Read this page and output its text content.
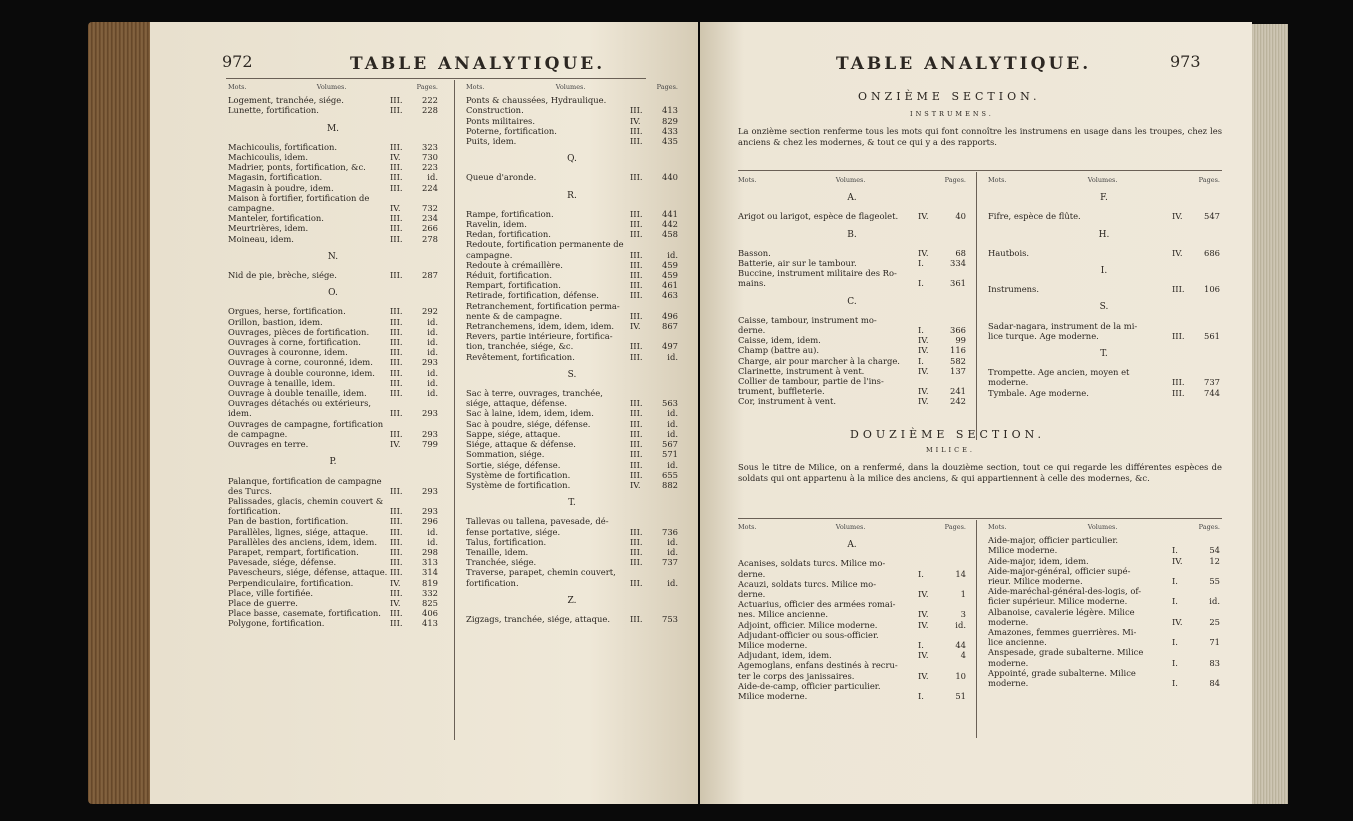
972	TABLE ANALYTIQUE.
Mots.	Volumes.	Pages.
Logement, tranchée, siége.	III.	222
Lunette, fortification.	III.	228
M.
Machicoulis, fortification.	III.	323
Machicoulis, idem.	IV.	730
Madrier, ponts, fortification, &c.	III.	223
Magasin, fortification.	III.	id.
Magasin à poudre, idem.	III.	224
Maison à fortifier, fortification de
campagne.	IV.	732
Manteler, fortification.	III.	234
Meurtrières, idem.	III.	266
Moineau, idem.	III.	278
N.
Nid de pie, brèche, siége.	III.	287
O.
Orgues, herse, fortification.	III.	292
Orillon, bastion, idem.	III.	id.
Ouvrages, pièces de fortification.	III.	id.
Ouvrages à corne, fortification.	III.	id.
Ouvrages à couronne, idem.	III.	id.
Ouvrage à corne, couronné, idem.	III.	293
Ouvrage à double couronne, idem.	III.	id.
Ouvrage à tenaille, idem.	III.	id.
Ouvrage à double tenaille, idem.	III.	id.
Ouvrages détachés ou extérieurs,
idem.	III.	293
Ouvrages de campagne, fortification
de campagne.	III.	293
Ouvrages en terre.	IV.	799
P.
Palanque, fortification de campagne
des Turcs.	III.	293
Palissades, glacis, chemin couvert &
fortification.	III.	293
Pan de bastion, fortification.	III.	296
Parallèles, lignes, siége, attaque.	III.	id.
Parallèles des anciens, idem, idem.	III.	id.
Parapet, rempart, fortification.	III.	298
Pavesade, siége, défense.	III.	313
Pavescheurs, siége, défense, attaque. III.	314
Perpendiculaire, fortification.	IV.	819
Place, ville fortifiée.	III.	332
Place de guerre.	IV.	825
Place basse, casemate, fortification.	III.	406
Polygone, fortification.	III.	413
Mots.	Volumes.	Pages.
Ponts & chaussées, Hydraulique.
Construction.	III.	413
Ponts militaires.	IV.	829
Poterne, fortification.	III.	433
Puits, idem.	III.	435
Q.
Queue d'aronde.	III.	440
R.
Rampe, fortification.	III.	441
Ravelin, idem.	III.	442
Redan, fortification.	III.	458
Redoute, fortification permanente de
campagne.	III.	id.
Redoute à crémaillère.	III.	459
Réduit, fortification.	III.	459
Rempart, fortification.	III.	461
Retirade, fortification, défense.	III.	463
Retranchement, fortification perma-
nente & de campagne.	III.	496
Retranchemens, idem, idem, idem.	IV.	867
Revers, partie intérieure, fortifica-
tion, tranchée, siége, &c.	III.	497
Revêtement, fortification.	III.	id.
S.
Sac à terre, ouvrages, tranchée,
siége, attaque, défense.	III.	563
Sac à laine, idem, idem, idem.	III.	id.
Sac à poudre, siége, défense.	III.	id.
Sappe, siége, attaque.	III.	id.
Siége, attaque & défense.	III.	567
Sommation, siége.	III.	571
Sortie, siége, défense.	III.	id.
Système de fortification.	III.	655
Système de fortification.	IV.	882
T.
Tallevas ou tallena, pavesade, dé-
fense portative, siége.	III.	736
Talus, fortification.	III.	id.
Tenaille, idem.	III.	id.
Tranchée, siége.	III.	737
Traverse, parapet, chemin couvert,
fortification.	III.	id.
Z.
Zigzags, tranchée, siége, attaque.	III.	753
TABLE ANALYTIQUE.	973
ONZIÈME SECTION.
INSTRUMENS.
La onzième section renferme tous les mots qui font connoître les instrumens en usage dans les troupes, chez les anciens & chez les modernes, & tout ce qui y a des rapports.
Mots.	Volumes.	Pages.
A.
Arigot ou larigot, espèce de flageolet.	IV.	40
B.
Basson.	IV.	68
Batterie, air sur le tambour.	I.	334
Buccine, instrument militaire des Ro-
mains.	I.	361
C.
Caisse, tambour, instrument mo-
derne.	I.	366
Caisse, idem, idem.	IV.	99
Champ (battre au).	IV.	116
Charge, air pour marcher à la charge.	I.	582
Clarinette, instrument à vent.	IV.	137
Collier de tambour, partie de l'ins-
trument, buffleterie.	IV.	241
Cor, instrument à vent.	IV.	242
Mots.	Volumes.	Pages.
F.
Fifre, espèce de flûte.	IV.	547
H.
Hautbois.	IV.	686
I.
Instrumens.	III.	106
S.
Sadar-nagara, instrument de la mi-
lice turque. Age moderne.	III.	561
T.
Trompette. Age ancien, moyen et
moderne.	III.	737
Tymbale. Age moderne.	III.	744
DOUZIÈME SECTION.
MILICE.
Sous le titre de Milice, on a renfermé, dans la douzième section, tout ce qui regarde les différentes espèces de soldats qui ont appartenu à la milice des anciens, & qui appartiennent à celle des modernes, &c.
Mots.	Volumes.	Pages.
A.
Acanises, soldats turcs. Milice mo-
derne.	I.	14
Acauzi, soldats turcs. Milice mo-
derne.	IV.	1
Actuarius, officier des armées romai-
nes. Milice ancienne.	IV.	3
Adjoint, officier. Milice moderne.	IV.	id.
Adjudant-officier ou sous-officier.
Milice moderne.	I.	44
Adjudant, idem, idem.	IV.	4
Agemoglans, enfans destinés à recru-
ter le corps des janissaires.	IV.	10
Aide-de-camp, officier particulier.
Milice moderne.	I.	51
Mots.	Volumes.	Pages.
Aide-major, officier particulier.
Milice moderne.	I.	54
Aide-major, idem, idem.	IV.	12
Aide-major-général, officier supé-
rieur. Milice moderne.	I.	55
Aide-maréchal-général-des-logis, of-
ficier supérieur. Milice moderne.	I.	id.
Albanoise, cavalerie légère. Milice
moderne.	IV.	25
Amazones, femmes guerrières. Mi-
lice ancienne.	I.	71
Anspesade, grade subalterne. Milice
moderne.	I.	83
Appointé, grade subalterne. Milice
moderne.	I.	84
